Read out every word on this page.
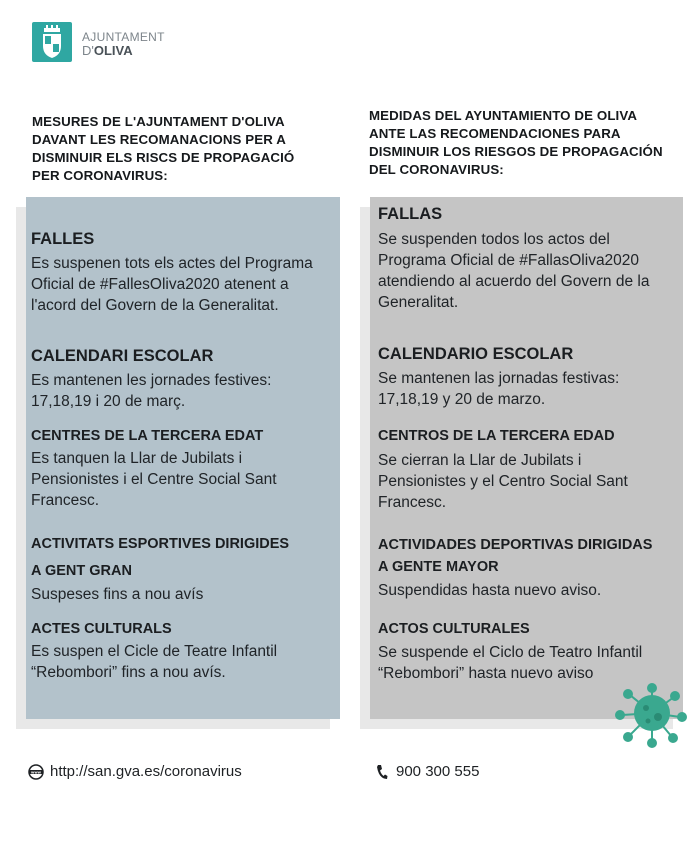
AJUNTAMENT
D'OLIVA
MESURES DE L'AJUNTAMENT D'OLIVA DAVANT LES RECOMANACIONS PER A DISMINUIR ELS RISCS DE PROPAGACIÓ PER CORONAVIRUS:
MEDIDAS DEL AYUNTAMIENTO DE OLIVA ANTE LAS RECOMENDACIONES PARA DISMINUIR LOS RIESGOS DE PROPAGACIÓN DEL CORONAVIRUS:
FALLES
Es suspenen tots els actes del Programa Oficial de #FallesOliva2020 atenent a l'acord del Govern de la Generalitat.
CALENDARI ESCOLAR
Es mantenen les jornades festives: 17,18,19 i 20 de març.
CENTRES DE LA TERCERA EDAT
Es tanquen la Llar de Jubilats i Pensionistes i el Centre Social Sant Francesc.
ACTIVITATS ESPORTIVES DIRIGIDES
A GENT GRAN
Suspeses fins a nou avís
ACTES CULTURALS
Es suspen el Cicle de Teatre Infantil “Rebombori” fins a nou avís.
FALLAS
Se suspenden todos los actos del Programa Oficial de #FallasOliva2020 atendiendo al acuerdo del Govern de la Generalitat.
CALENDARIO ESCOLAR
Se mantenen las jornadas festivas: 17,18,19 y 20 de marzo.
CENTROS DE LA TERCERA EDAD
Se cierran la Llar de Jubilats i Pensionistes y el Centro Social Sant Francesc.
ACTIVIDADES DEPORTIVAS DIRIGIDAS
A GENTE MAYOR
Suspendidas hasta nuevo aviso.
ACTOS CULTURALES
Se suspende el Ciclo de Teatro Infantil “Rebombori” hasta nuevo aviso
www http://san.gva.es/coronavirus	900 300 555
